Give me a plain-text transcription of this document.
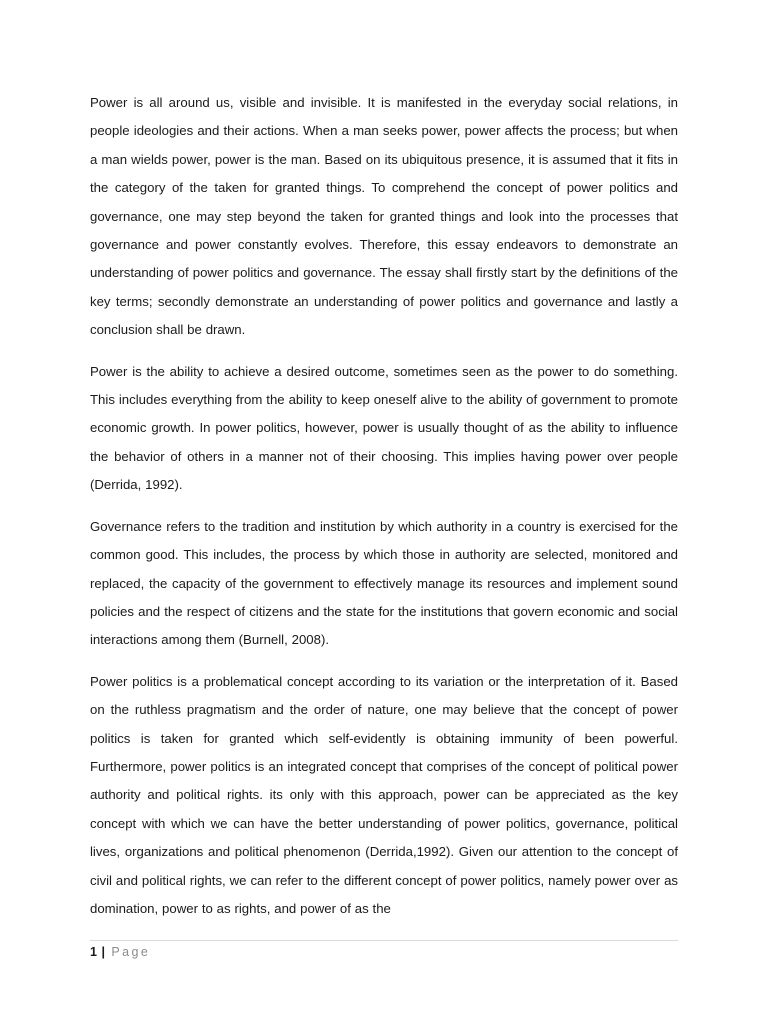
Power is all around us, visible and invisible. It is manifested in the everyday social relations, in people ideologies and their actions. When a man seeks power, power affects the process; but when a man wields power, power is the man. Based on its ubiquitous presence, it is assumed that it fits in the category of the taken for granted things. To comprehend the concept of power politics and governance, one may step beyond the taken for granted things and look into the processes that governance and power constantly evolves. Therefore, this essay endeavors to demonstrate an understanding of power politics and governance. The essay shall firstly start by the definitions of the key terms; secondly demonstrate an understanding of power politics and governance and lastly a conclusion shall be drawn.

Power is the ability to achieve a desired outcome, sometimes seen as the power to do something. This includes everything from the ability to keep oneself alive to the ability of government to promote economic growth. In power politics, however, power is usually thought of as the ability to influence the behavior of others in a manner not of their choosing. This implies having power over people (Derrida, 1992).

Governance refers to the tradition and institution by which authority in a country is exercised for the common good. This includes, the process by which those in authority are selected, monitored and replaced, the capacity of the government to effectively manage its resources and implement sound policies and the respect of citizens and the state for the institutions that govern economic and social interactions among them (Burnell, 2008).

Power politics is a problematical concept according to its variation or the interpretation of it. Based on the ruthless pragmatism and the order of nature, one may believe that the concept of power politics is taken for granted which self-evidently is obtaining immunity of been powerful. Furthermore, power politics is an integrated concept that comprises of the concept of political power authority and political rights. its only with this approach, power can be appreciated as the key concept with which we can have the better understanding of power politics, governance, political lives, organizations and political phenomenon (Derrida,1992). Given our attention to the concept of civil and political rights, we can refer to the different concept of power politics, namely power over as domination, power to as rights, and power of as the

1 | Page
